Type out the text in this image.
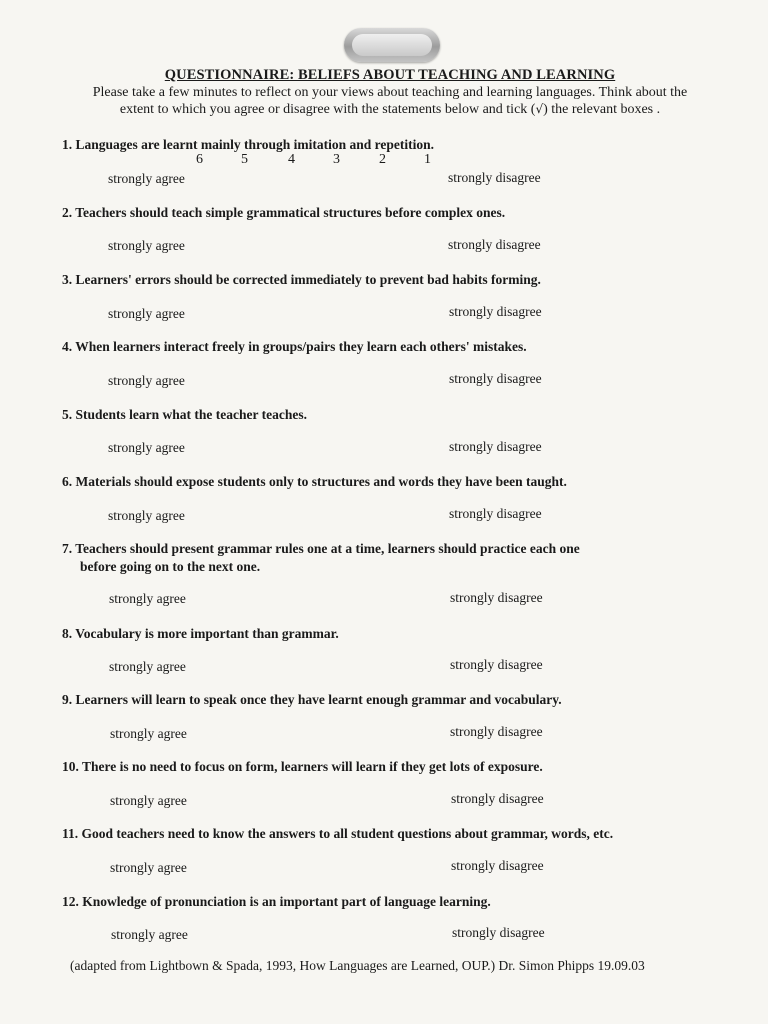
QUESTIONNAIRE: BELIEFS ABOUT TEACHING AND LEARNING
Please take a few minutes to reflect on your views about teaching and learning languages. Think about the
extent to which you agree or disagree with the statements below and tick (√) the relevant boxes .
6	5	4	3	2	1
1. Languages are learnt mainly through imitation and repetition.
strongly agree	strongly disagree
2. Teachers should teach simple grammatical structures before complex ones.
strongly agree	strongly disagree
3. Learners' errors should be corrected immediately to prevent bad habits forming.
strongly agree	strongly disagree
4. When learners interact freely in groups/pairs they learn each others' mistakes.
strongly agree	strongly disagree
5. Students learn what the teacher teaches.
strongly agree	strongly disagree
6. Materials should expose students only to structures and words they have been taught.
strongly agree	strongly disagree
7. Teachers should present grammar rules one at a time, learners should practice each one
before going on to the next one.
strongly agree	strongly disagree
8. Vocabulary is more important than grammar.
strongly agree	strongly disagree
9. Learners will learn to speak once they have learnt enough grammar and vocabulary.
strongly agree	strongly disagree
10. There is no need to focus on form, learners will learn if they get lots of exposure.
strongly agree	strongly disagree
11. Good teachers need to know the answers to all student questions about grammar, words, etc.
strongly agree	strongly disagree
12. Knowledge of pronunciation is an important part of language learning.
strongly agree	strongly disagree
(adapted from Lightbown & Spada, 1993, How Languages are Learned, OUP.) Dr. Simon Phipps 19.09.03
